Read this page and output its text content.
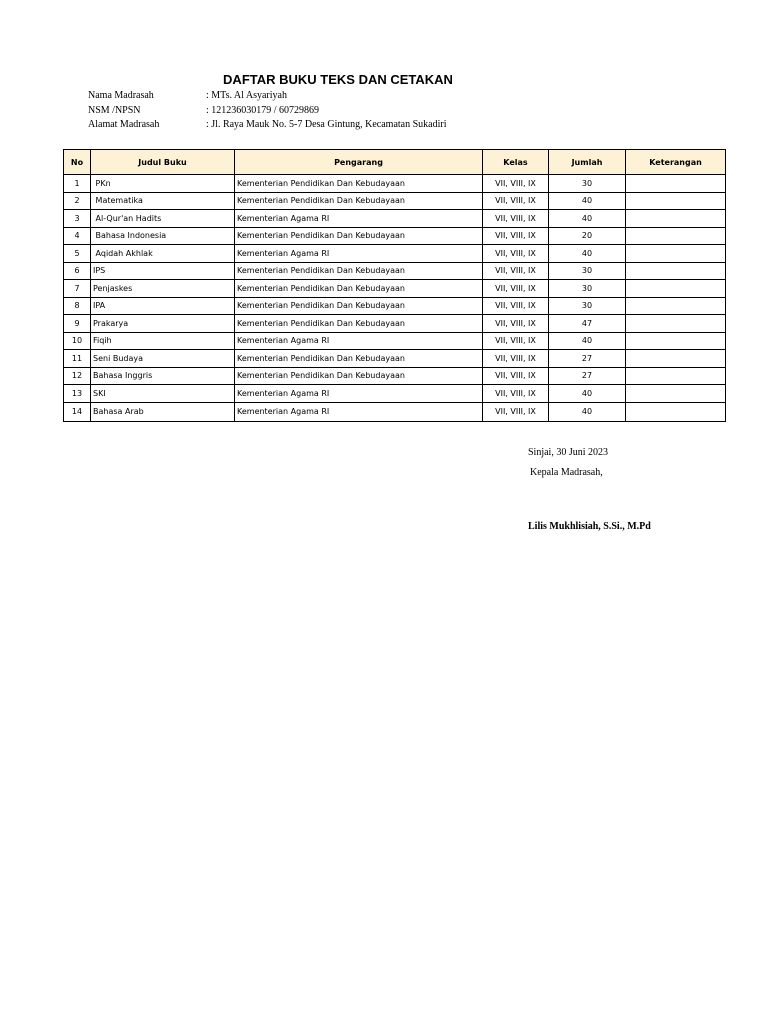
DAFTAR BUKU TEKS DAN CETAKAN
Nama Madrasah	: MTs. Al Asyariyah
NSM /NPSN	: 121236030179 / 60729869
Alamat Madrasah	: Jl. Raya Mauk No. 5-7 Desa Gintung, Kecamatan Sukadiri
No	Judul Buku	Pengarang	Kelas	Jumlah	Keterangan
1	PKn	Kementerian Pendidikan Dan Kebudayaan	VII, VIII, IX	30	
2	Matematika	Kementerian Pendidikan Dan Kebudayaan	VII, VIII, IX	40	
3	Al-Qur'an Hadits	Kementerian Agama RI	VII, VIII, IX	40	
4	Bahasa Indonesia	Kementerian Pendidikan Dan Kebudayaan	VII, VIII, IX	20	
5	Aqidah Akhlak	Kementerian Agama RI	VII, VIII, IX	40	
6	IPS	Kementerian Pendidikan Dan Kebudayaan	VII, VIII, IX	30	
7	Penjaskes	Kementerian Pendidikan Dan Kebudayaan	VII, VIII, IX	30	
8	IPA	Kementerian Pendidikan Dan Kebudayaan	VII, VIII, IX	30	
9	Prakarya	Kementerian Pendidikan Dan Kebudayaan	VII, VIII, IX	47	
10	Fiqih	Kementerian Agama RI	VII, VIII, IX	40	
11	Seni Budaya	Kementerian Pendidikan Dan Kebudayaan	VII, VIII, IX	27	
12	Bahasa Inggris	Kementerian Pendidikan Dan Kebudayaan	VII, VIII, IX	27	
13	SKI	Kementerian Agama RI	VII, VIII, IX	40	
14	Bahasa Arab	Kementerian Agama RI	VII, VIII, IX	40	
Sinjai, 30 Juni 2023
Kepala Madrasah,
Lilis Mukhlisiah, S.Si., M.Pd
